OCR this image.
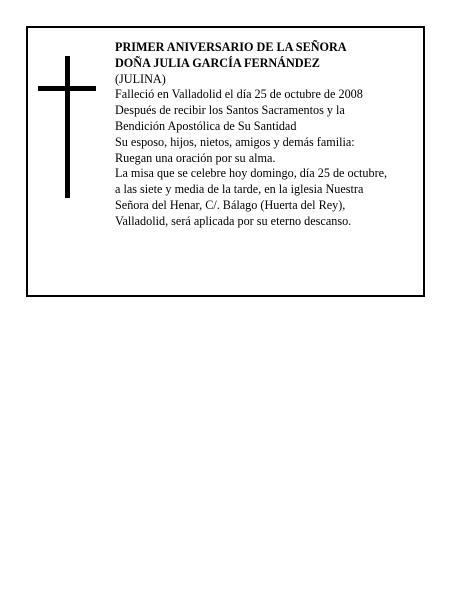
PRIMER ANIVERSARIO DE LA SEÑORA
DOÑA JULIA GARCÍA FERNÁNDEZ
(JULINA)
Falleció en Valladolid el día 25 de octubre de 2008
Después de recibir los Santos Sacramentos y la
Bendición Apostólica de Su Santidad
Su esposo, hijos, nietos, amigos y demás familia:
Ruegan una oración por su alma.
La misa que se celebre hoy domingo, día 25 de octubre,
a las siete y media de la tarde, en la iglesia Nuestra
Señora del Henar, C/. Bálago (Huerta del Rey),
Valladolid, será aplicada por su eterno descanso.
